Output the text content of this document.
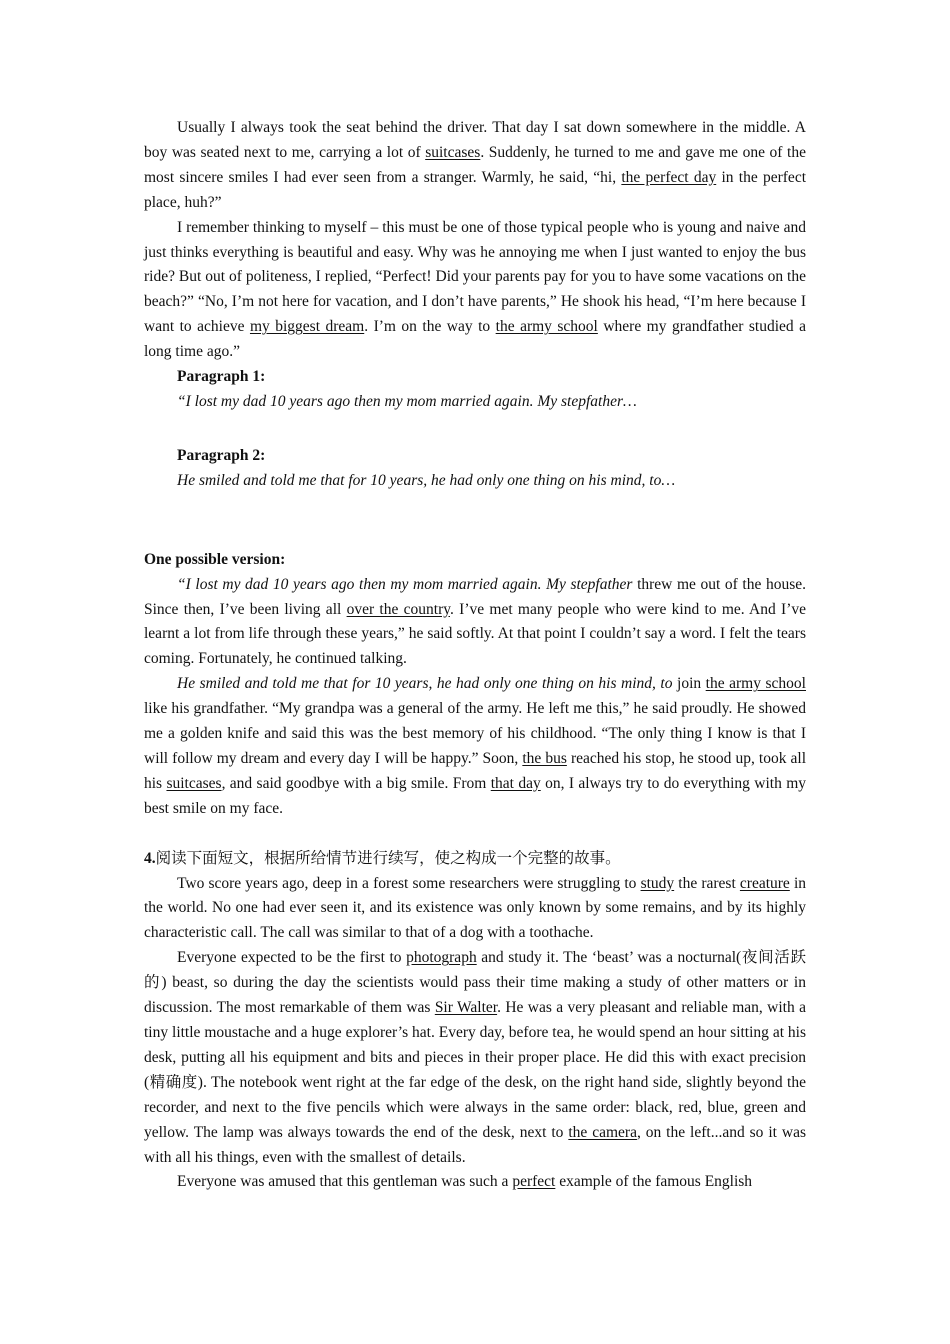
Usually I always took the seat behind the driver. That day I sat down somewhere in the middle. A boy was seated next to me, carrying a lot of suitcases. Suddenly, he turned to me and gave me one of the most sincere smiles I had ever seen from a stranger. Warmly, he said, “hi, the perfect day in the perfect place, huh?”

I remember thinking to myself – this must be one of those typical people who is young and naive and just thinks everything is beautiful and easy. Why was he annoying me when I just wanted to enjoy the bus ride? But out of politeness, I replied, “Perfect! Did your parents pay for you to have some vacations on the beach?” “No, I’m not here for vacation, and I don’t have parents,” He shook his head, “I’m here because I want to achieve my biggest dream. I’m on the way to the army school where my grandfather studied a long time ago.”

Paragraph 1:

“I lost my dad 10 years ago then my mom married again. My stepfather…

Paragraph 2:

He smiled and told me that for 10 years, he had only one thing on his mind, to…

One possible version:

“I lost my dad 10 years ago then my mom married again. My stepfather threw me out of the house. Since then, I’ve been living all over the country. I’ve met many people who were kind to me. And I’ve learnt a lot from life through these years,” he said softly. At that point I couldn’t say a word. I felt the tears coming. Fortunately, he continued talking.

He smiled and told me that for 10 years, he had only one thing on his mind, to join the army school like his grandfather. “My grandpa was a general of the army. He left me this,” he said proudly. He showed me a golden knife and said this was the best memory of his childhood. “The only thing I know is that I will follow my dream and every day I will be happy.” Soon, the bus reached his stop, he stood up, took all his suitcases, and said goodbye with a big smile. From that day on, I always try to do everything with my best smile on my face.

4.阅读下面短文，根据所给情节进行续写，使之构成一个完整的故事。

Two score years ago, deep in a forest some researchers were struggling to study the rarest creature in the world. No one had ever seen it, and its existence was only known by some remains, and by its highly characteristic call. The call was similar to that of a dog with a toothache.

Everyone expected to be the first to photograph and study it. The ‘beast’ was a nocturnal(夜间活跃的) beast, so during the day the scientists would pass their time making a study of other matters or in discussion. The most remarkable of them was Sir Walter. He was a very pleasant and reliable man, with a tiny little moustache and a huge explorer’s hat. Every day, before tea, he would spend an hour sitting at his desk, putting all his equipment and bits and pieces in their proper place. He did this with exact precision (精确度). The notebook went right at the far edge of the desk, on the right hand side, slightly beyond the recorder, and next to the five pencils which were always in the same order: black, red, blue, green and yellow. The lamp was always towards the end of the desk, next to the camera, on the left...and so it was with all his things, even with the smallest of details.

Everyone was amused that this gentleman was such a perfect example of the famous English
